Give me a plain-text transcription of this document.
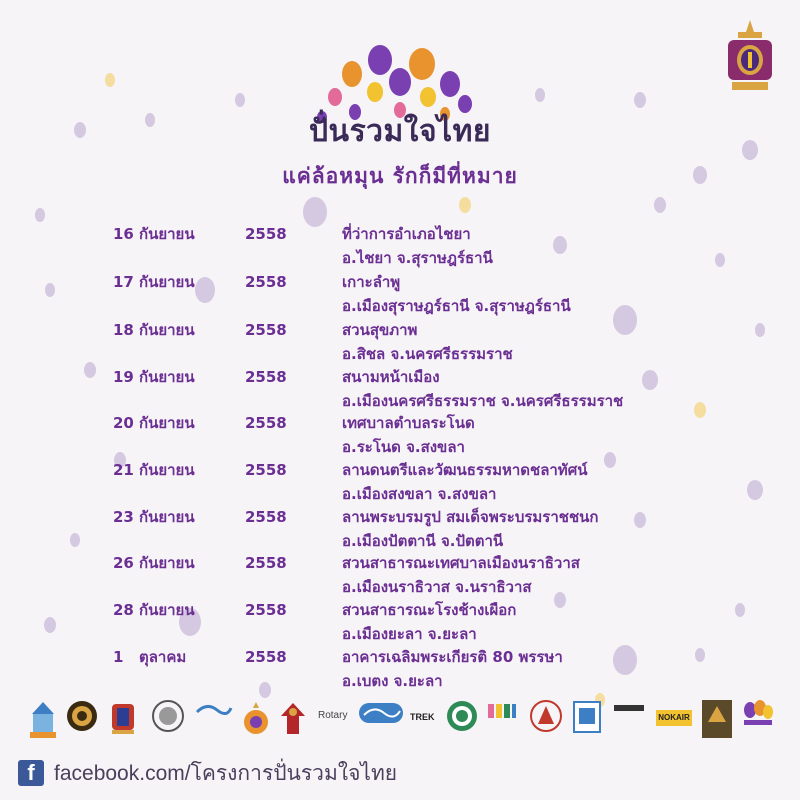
ปั่นรวมใจไทย
แค่ล้อหมุน รักก็มีที่หมาย
16 กันยายน	2558	ที่ว่าการอำเภอไชยา
อ.ไชยา จ.สุราษฎร์ธานี
17 กันยายน	2558	เกาะลำพู
อ.เมืองสุราษฎร์ธานี จ.สุราษฎร์ธานี
18 กันยายน	2558	สวนสุขภาพ
อ.สิชล จ.นครศรีธรรมราช
19 กันยายน	2558	สนามหน้าเมือง
อ.เมืองนครศรีธรรมราช จ.นครศรีธรรมราช
20 กันยายน	2558	เทศบาลตำบลระโนด
อ.ระโนด จ.สงขลา
21 กันยายน	2558	ลานดนตรีและวัฒนธรรมหาดชลาทัศน์
อ.เมืองสงขลา จ.สงขลา
23 กันยายน	2558	ลานพระบรมรูป สมเด็จพระบรมราชชนก
อ.เมืองปัตตานี จ.ปัตตานี
26 กันยายน	2558	สวนสาธารณะเทศบาลเมืองนราธิวาส
อ.เมืองนราธิวาส จ.นราธิวาส
28 กันยายน	2558	สวนสาธารณะโรงช้างเผือก
อ.เมืองยะลา จ.ยะลา
1 ตุลาคม	2558	อาคารเฉลิมพระเกียรติ 80 พรรษา
อ.เบตง จ.ยะลา
Rotary	TREK	NOKAIR
f facebook.com/โครงการปั่นรวมใจไทย
